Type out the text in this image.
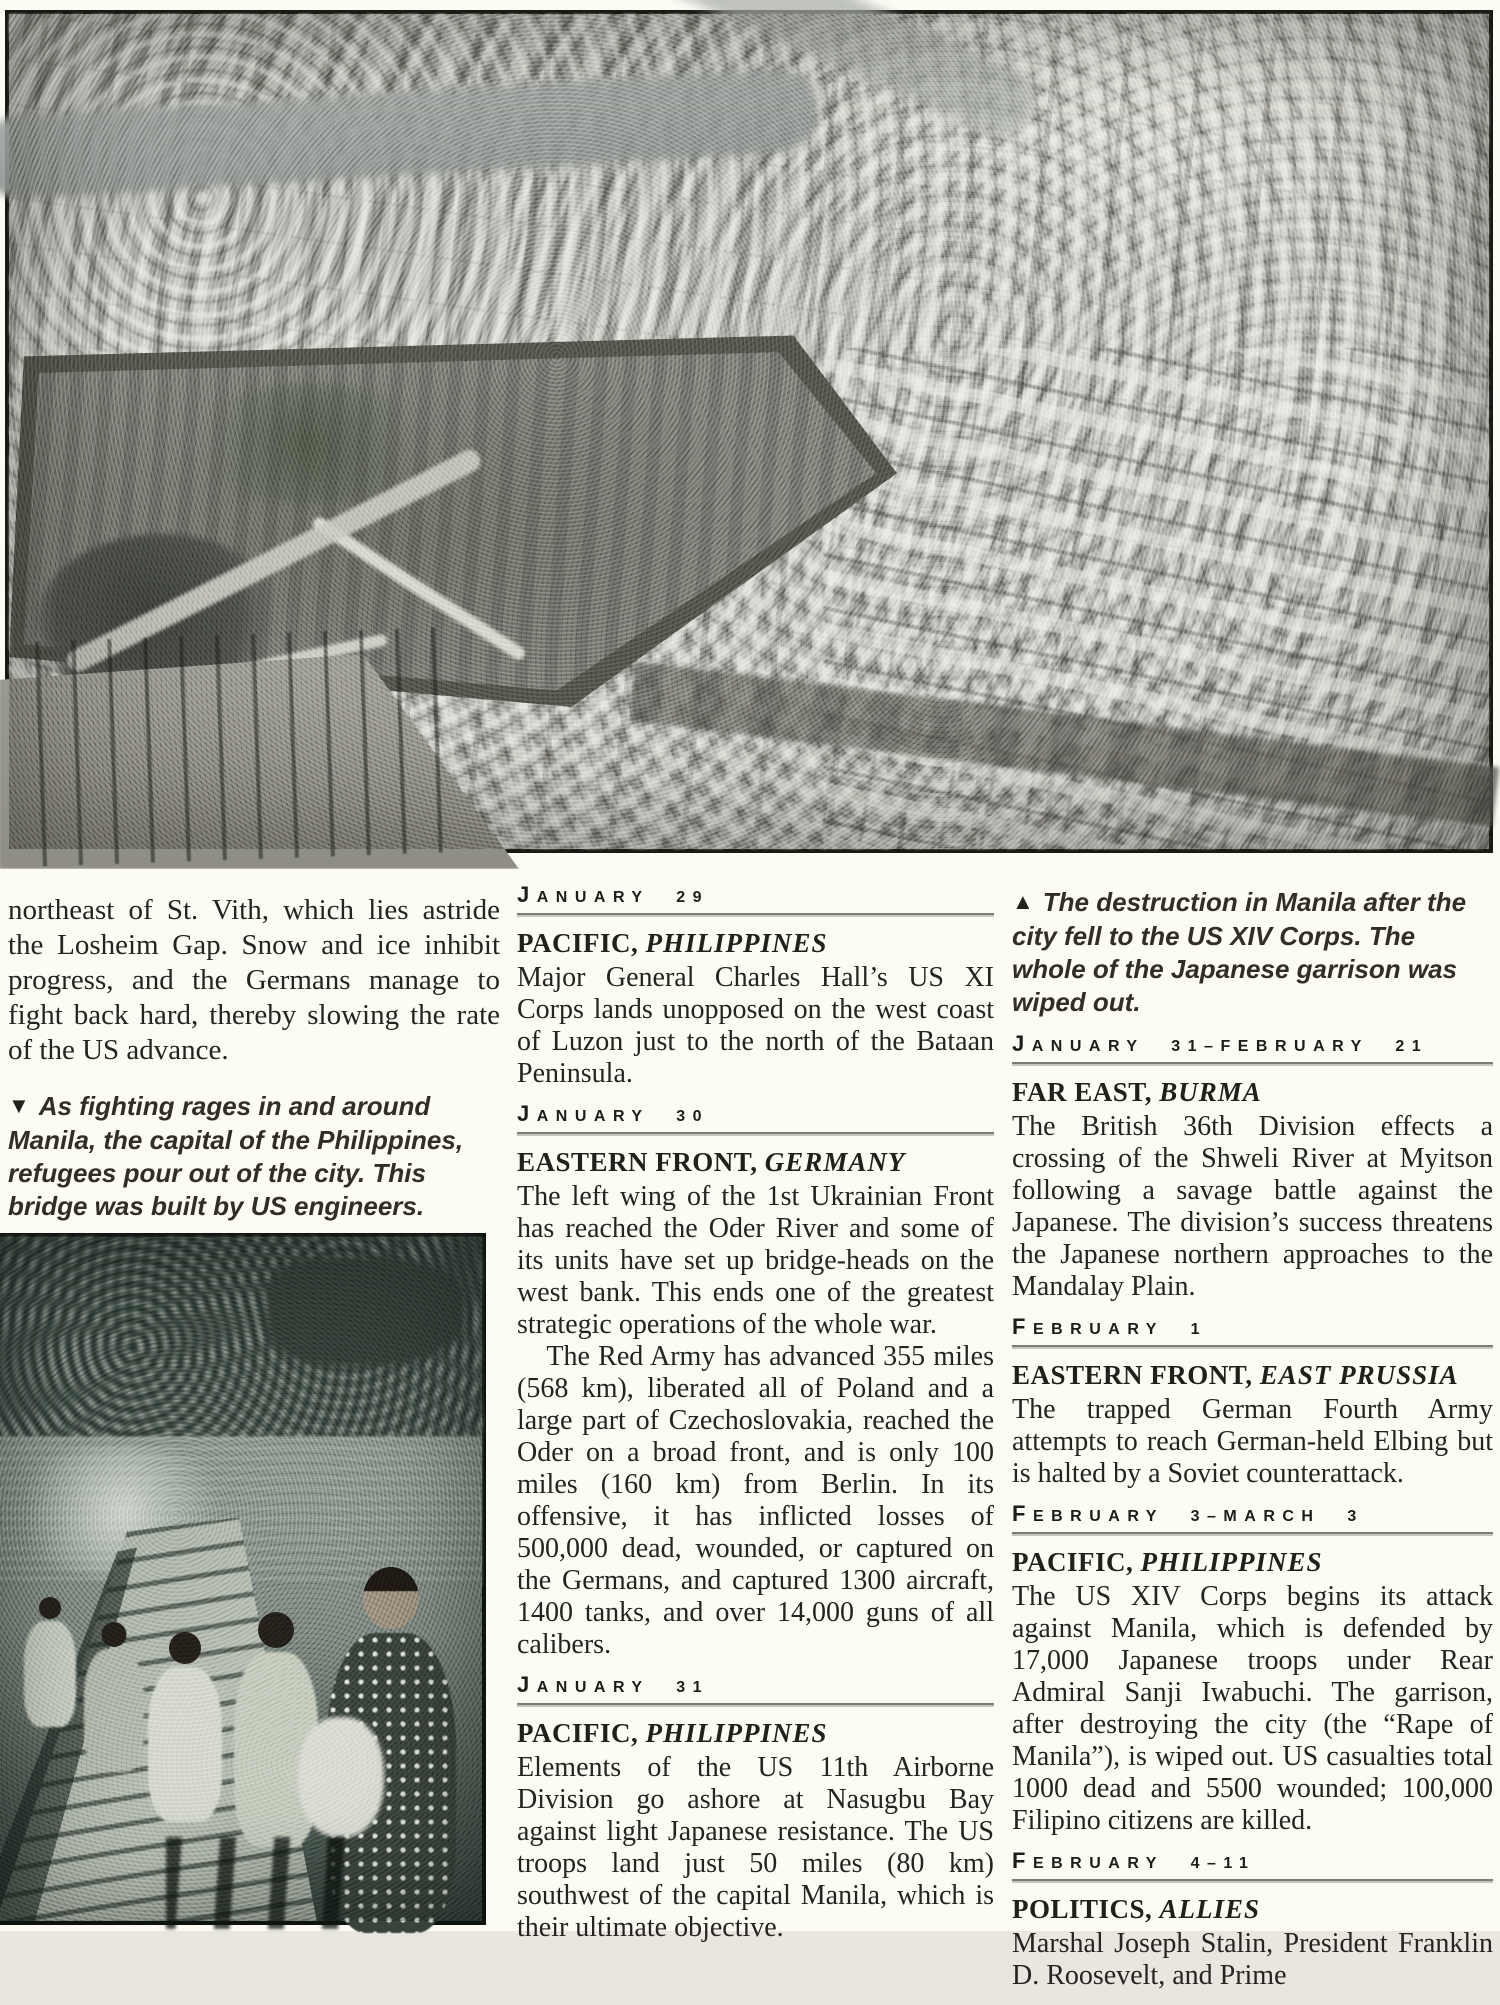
northeast of St. Vith, which lies astride the Losheim Gap. Snow and ice inhibit progress, and the Germans manage to fight back hard, thereby slowing the rate of the US advance.

▼ As fighting rages in and around Manila, the capital of the Philippines, refugees pour out of the city. This bridge was built by US engineers.

JANUARY 29
PACIFIC, PHILIPPINES

Major General Charles Hall’s US XI Corps lands unopposed on the west coast of Luzon just to the north of the Bataan Peninsula.

JANUARY 30
EASTERN FRONT, GERMANY

The left wing of the 1st Ukrainian Front has reached the Oder River and some of its units have set up bridge-heads on the west bank. This ends one of the greatest strategic operations of the whole war.

The Red Army has advanced 355 miles (568 km), liberated all of Poland and a large part of Czechoslovakia, reached the Oder on a broad front, and is only 100 miles (160 km) from Berlin. In its offensive, it has inflicted losses of 500,000 dead, wounded, or captured on the Germans, and captured 1300 aircraft, 1400 tanks, and over 14,000 guns of all calibers.

JANUARY 31
PACIFIC, PHILIPPINES

Elements of the US 11th Airborne Division go ashore at Nasugbu Bay against light Japanese resistance. The US troops land just 50 miles (80 km) southwest of the capital Manila, which is their ultimate objective.

▲ The destruction in Manila after the city fell to the US XIV Corps. The whole of the Japanese garrison was wiped out.

JANUARY 31–FEBRUARY 21
FAR EAST, BURMA

The British 36th Division effects a crossing of the Shweli River at Myitson following a savage battle against the Japanese. The division’s success threatens the Japanese northern approaches to the Mandalay Plain.

FEBRUARY 1
EASTERN FRONT, EAST PRUSSIA

The trapped German Fourth Army attempts to reach German-held Elbing but is halted by a Soviet counterattack.

FEBRUARY 3–MARCH 3
PACIFIC, PHILIPPINES

The US XIV Corps begins its attack against Manila, which is defended by 17,000 Japanese troops under Rear Admiral Sanji Iwabuchi. The garrison, after destroying the city (the “Rape of Manila”), is wiped out. US casualties total 1000 dead and 5500 wounded; 100,000 Filipino citizens are killed.

FEBRUARY 4–11
POLITICS, ALLIES

Marshal Joseph Stalin, President Franklin D. Roosevelt, and Prime
